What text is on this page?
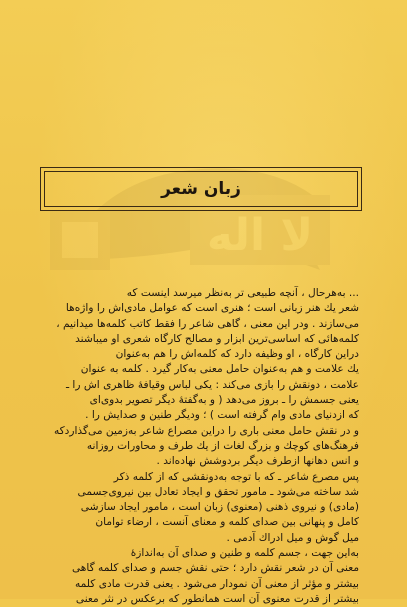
لا اله
زبان شعر
... به‌هرحال ، آنچه طبیعی تر به‌نظر میرسد اینست که
شعر یك هنر زبانی است ؛ هنری است که عوامل مادی‌اش را واژه‌ها
می‌سازند . ودر این معنی ، گاهی شاعر را فقط کاتب کلمه‌ها میدانیم ،
کلمه‌هائی که اساسی‌ترین ابزار و مصالح کارگاه شعری او میباشند
دراین کارگاه ، او وظیفه دارد که کلمه‌اش را هم به‌عنوان
یك علامت و هم به‌عنوان حامل معنی به‌کار گیرد . کلمه به عنوان
علامت ، دونقش را بازی می‌کند : یکی لباس وقیافهٔ ظاهری اش را ـ
یعنی جسمش را ـ بروز می‌دهد ( و به‌گفتهٔ دیگر تصویر بدوی‌ای
که ازدنیای مادی وام گرفته است ) ؛ ودیگر طنین و صدایش را .
و در نقش حامل معنی باری را دراین مصراع شاعر به‌زمین می‌گذاردکه
فرهنگ‌های کوچك و بزرگ لغات از یك طرف و محاورات روزانه
و انس دهانها ازطرف دیگر بردوشش نهاده‌اند .
پس مصرع شاعر ـ که با توجه به‌دونقشی که از کلمه ذکر
شد ساخته می‌شود ـ مامور تحقق و ایجاد تعادل بین نیروی‌جسمی
(مادی) و نیروی ذهنی (معنوی) زبان است ، مامور ایجاد سازشی
کامل و پنهانی بین صدای کلمه و معنای آنست ، ارضاء توامان
میل گوش و میل ادراك آدمی .
به‌این جهت ، جسم کلمه و طنین و صدای آن به‌اندازهٔ
معنی آن در شعر نقش دارد ؛ حتی نقش جسم و صدای کلمه گاهی
بیشتر و مؤثر از معنی آن نمودار می‌شود . یعنی قدرت مادی کلمه
بیشتر از قدرت معنوی آن است همانطور که برعکس در نثر معنی
